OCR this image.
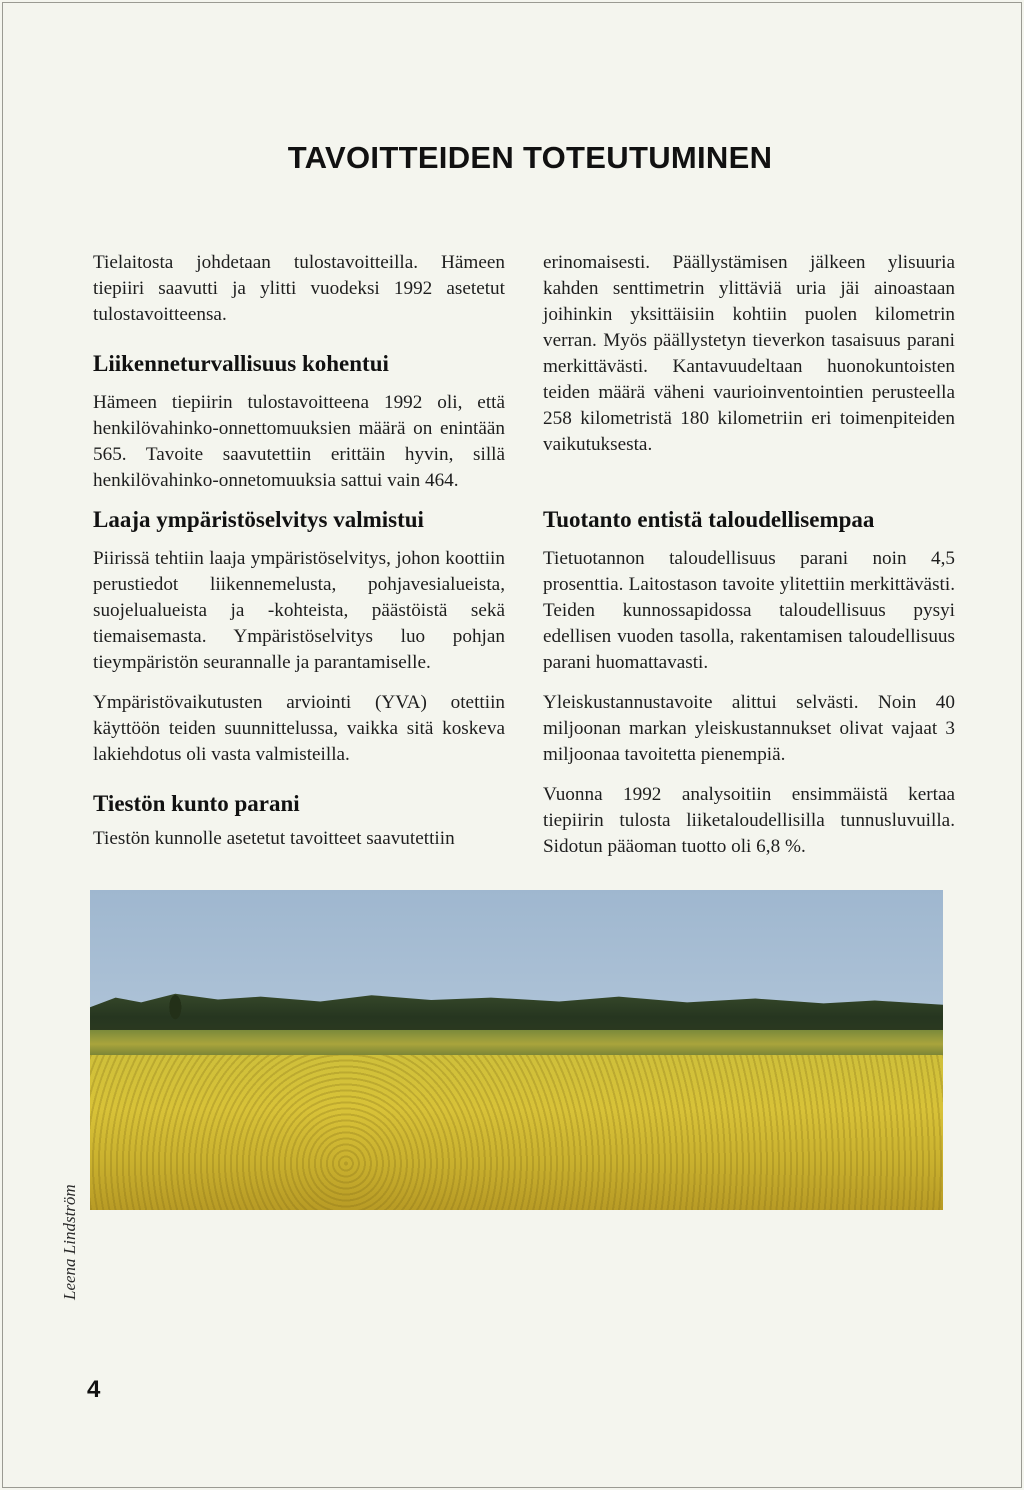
TAVOITTEIDEN TOTEUTUMINEN

Tielaitosta johdetaan tulostavoitteilla. Hämeen tiepiiri saavutti ja ylitti vuodeksi 1992 asetetut tulostavoitteensa.

Liikenneturvallisuus kohentui

Hämeen tiepiirin tulostavoitteena 1992 oli, että henkilövahinko-onnettomuuksien määrä on enintään 565. Tavoite saavutettiin erittäin hyvin, sillä henkilövahinko-onnetomuuksia sattui vain 464.

erinomaisesti. Päällystämisen jälkeen ylisuuria kahden senttimetrin ylittäviä uria jäi ainoastaan joihinkin yksittäisiin kohtiin puolen kilometrin verran. Myös päällystetyn tieverkon tasaisuus parani merkittävästi. Kantavuudeltaan huonokuntoisten teiden määrä väheni vaurioinventointien perusteella 258 kilometristä 180 kilometriin eri toimenpiteiden vaikutuksesta.

Laaja ympäristöselvitys valmistui	Tuotanto entistä taloudellisempaa

Piirissä tehtiin laaja ympäristöselvitys, johon koottiin perustiedot liikennemelusta, pohjavesialueista, suojelualueista ja -kohteista, päästöistä sekä tiemaisemasta. Ympäristöselvitys luo pohjan tieympäristön seurannalle ja parantamiselle.

Ympäristövaikutusten arviointi (YVA) otettiin käyttöön teiden suunnittelussa, vaikka sitä koskeva lakiehdotus oli vasta valmisteilla.

Tiestön kunto parani

Tiestön kunnolle asetetut tavoitteet saavutettiin

Tietuotannon taloudellisuus parani noin 4,5 prosenttia. Laitostason tavoite ylitettiin merkittävästi. Teiden kunnossapidossa taloudellisuus pysyi edellisen vuoden tasolla, rakentamisen taloudellisuus parani huomattavasti.

Yleiskustannustavoite alittui selvästi. Noin 40 miljoonan markan yleiskustannukset olivat vajaat 3 miljoonaa tavoitetta pienempiä.

Vuonna 1992 analysoitiin ensimmäistä kertaa tiepiirin tulosta liiketaloudellisilla tunnusluvuilla. Sidotun pääoman tuotto oli 6,8 %.

Leena Lindström
4
